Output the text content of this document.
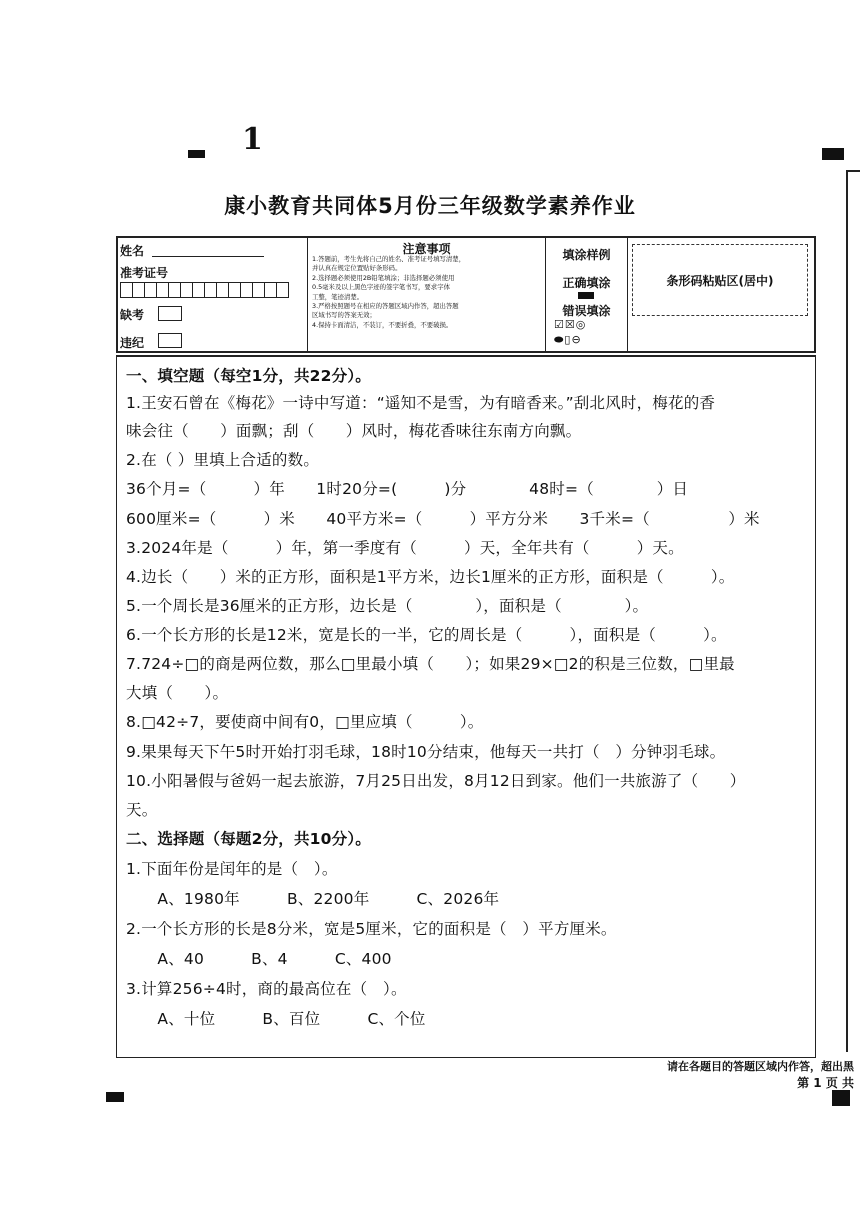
1
康小教育共同体5月份三年级数学素养作业
姓名
准考证号
缺考
违纪
注意事项
1.答题前，考生先将自己的姓名、准考证号填写清楚，
并认真在规定位置贴好条形码。
2.选择题必须使用2B铅笔填涂；非选择题必须使用
0.5毫米及以上黑色字迹的签字笔书写，要求字体
工整，笔迹清楚。
3.严格按照题号在相应的答题区域内作答，超出答题
区域书写的答案无效；
4.保持卡面清洁，不装订，不要折叠，不要破损。
填涂样例
正确填涂
错误填涂
☑☒◎
⬬▯⊖
条形码粘贴区(居中)
一、填空题（每空1分，共22分）。
1.王安石曾在《梅花》一诗中写道：“遥知不是雪，为有暗香来。”刮北风时，梅花的香
味会往（　　）面飘；刮（　　）风时，梅花香味往东南方向飘。
2.在（ ）里填上合适的数。
36个月=（　　　）年　　1时20分=(　　　)分　　　　48时=（　　　　）日
600厘米=（　　　）米　　40平方米=（　　　）平方分米　　3千米=（　　　　　）米
3.2024年是（　　　）年，第一季度有（　　　）天，全年共有（　　　）天。
4.边长（　　）米的正方形，面积是1平方米，边长1厘米的正方形，面积是（　　　）。
5.一个周长是36厘米的正方形，边长是（　　　　），面积是（　　　　）。
6.一个长方形的长是12米，宽是长的一半，它的周长是（　　　），面积是（　　　）。
7.724÷□的商是两位数，那么□里最小填（　　）；如果29×□2的积是三位数，□里最
大填（　　）。
8.□42÷7，要使商中间有0，□里应填（　　　）。
9.果果每天下午5时开始打羽毛球，18时10分结束，他每天一共打（　）分钟羽毛球。
10.小阳暑假与爸妈一起去旅游，7月25日出发，8月12日到家。他们一共旅游了（　　）
天。
二、选择题（每题2分，共10分）。
1.下面年份是闰年的是（　）。
　　A、1980年　　　B、2200年　　　C、2026年
2.一个长方形的长是8分米，宽是5厘米，它的面积是（　）平方厘米。
　　A、40　　　B、4　　　C、400
3.计算256÷4时，商的最高位在（　）。
　　A、十位　　　B、百位　　　C、个位
请在各题目的答题区域内作答，超出黑
第 1 页 共
